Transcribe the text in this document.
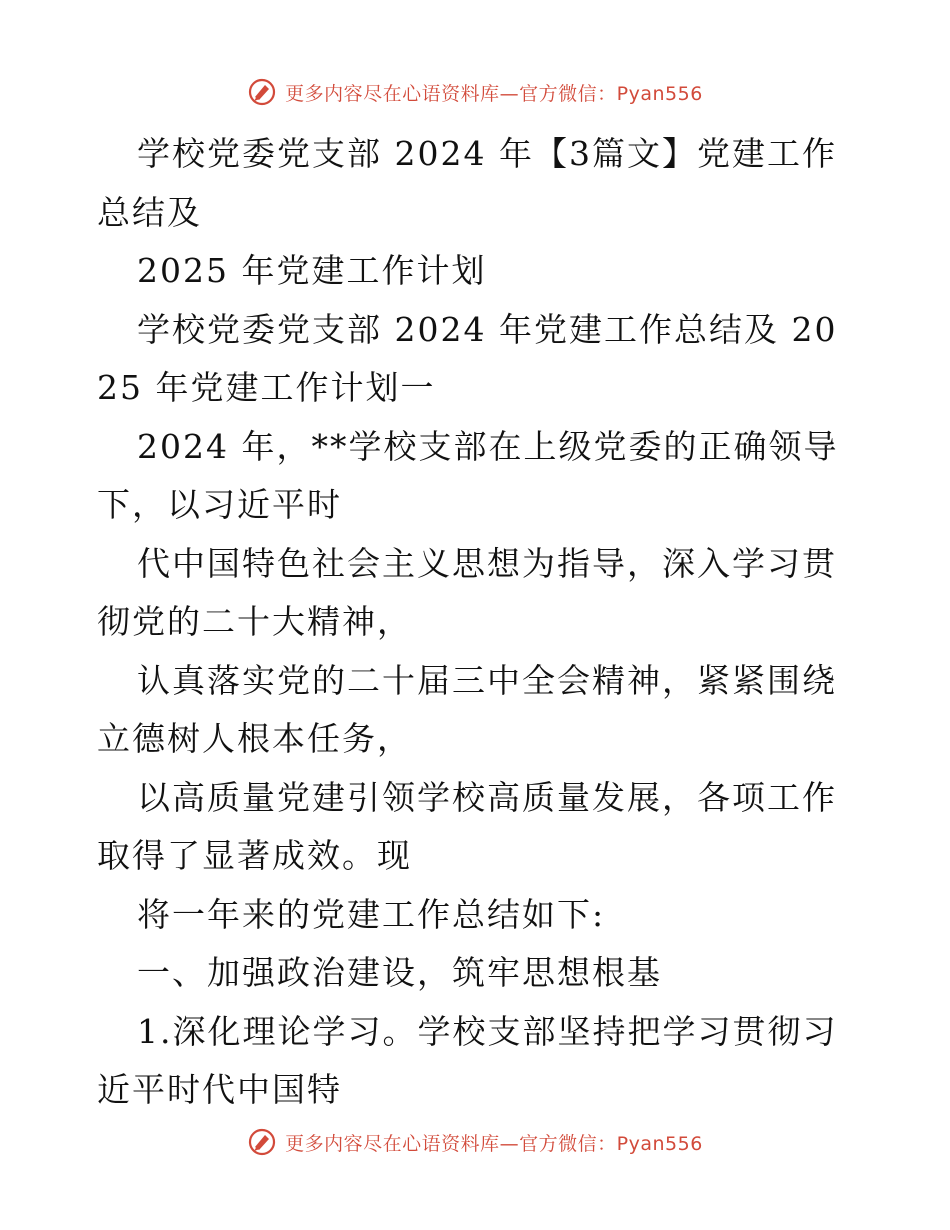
更多内容尽在心语资料库—官方微信：Pyan556

学校党委党支部 2024 年【3篇文】党建工作总结及

2025 年党建工作计划

学校党委党支部 2024 年党建工作总结及 2025 年党建工作计划一

2024 年，**学校支部在上级党委的正确领导下，以习近平时

代中国特色社会主义思想为指导，深入学习贯彻党的二十大精神，

认真落实党的二十届三中全会精神，紧紧围绕立德树人根本任务，

以高质量党建引领学校高质量发展，各项工作取得了显著成效。现

将一年来的党建工作总结如下:

一、加强政治建设，筑牢思想根基

1.深化理论学习。学校支部坚持把学习贯彻习近平时代中国特

更多内容尽在心语资料库—官方微信：Pyan556
